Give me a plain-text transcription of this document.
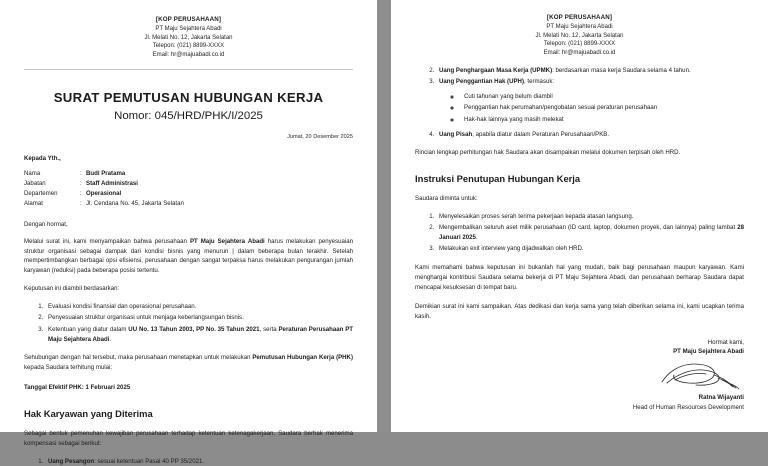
[KOP PERUSAHAAN]
PT Maju Sejahtera Abadi
Jl. Melati No. 12, Jakarta Selatan
Telepon: (021) 8899-XXXX
Email: hr@majuabadi.co.id
SURAT PEMUTUSAN HUBUNGAN KERJA
Nomor: 045/HRD/PHK/I/2025
Jumat, 20 Desember 2025
Kepada Yth.,
Nama	: Budi Pratama
Jabatan	: Staff Administrasi
Departemen	: Operasional
Alamat	: Jl. Cendana No. 45, Jakarta Selatan
Dengan hormat,

Melalui surat ini, kami menyampaikan bahwa perusahaan PT Maju Sejahtera Abadi harus melakukan penyesuaian struktur organisasi sebagai dampak dari kondisi bisnis yang menurun | dalam beberapa bulan terakhir. Setelah mempertimbangkan berbagai opsi efisiensi, perusahaan dengan sangat terpaksa harus melakukan pengurangan jumlah karyawan (reduksi) pada beberapa posisi tertentu.

Keputusan ini diambil berdasarkan:

1. Evaluasi kondisi finansial dan operasional perusahaan.
2. Penyesuaian struktur organisasi untuk menjaga keberlangsungan bisnis.
3. Ketentuan yang diatur dalam UU No. 13 Tahun 2003, PP No. 35 Tahun 2021, serta Peraturan Perusahaan PT Maju Sejahtera Abadi.

Sehubungan dengan hal tersebut, maka perusahaan menetapkan untuk melakukan Pemutusan Hubungan Kerja (PHK) kepada Saudara terhitung mulai:

Tanggal Efektif PHK: 1 Februari 2025
Hak Karyawan yang Diterima

Sebagai bentuk pemenuhan kewajiban perusahaan terhadap ketentuan ketenagakerjaan, Saudara berhak menerima kompensasi sebagai berikut:

1. Uang Pesangon: sesuai ketentuan Pasal 40 PP 35/2021.
[KOP PERUSAHAAN]
PT Maju Sejahtera Abadi
Jl. Melati No. 12, Jakarta Selatan
Telepon: (021) 8899-XXXX
Email: hr@majuabadi.co.id
2. Uang Penghargaan Masa Kerja (UPMK): berdasarkan masa kerja Saudara selama 4 tahun.
3. Uang Penggantian Hak (UPH), termasuk:
◦ Cuti tahunan yang belum diambil
◦ Penggantian hak perumahan/pengobatan sesuai peraturan perusahaan
◦ Hak-hak lainnya yang masih melekat
4. Uang Pisah, apabila diatur dalam Peraturan Perusahaan/PKB.

Rincian lengkap perhitungan hak Saudara akan disampaikan melalui dokumen terpisah oleh HRD.

Instruksi Penutupan Hubungan Kerja

Saudara diminta untuk:

1. Menyelesaikan proses serah terima pekerjaan kepada atasan langsung.
2. Mengembalikan seluruh aset milik perusahaan (ID card, laptop, dokumen proyek, dan lainnya) paling lambat 28 Januari 2025.
3. Melakukan exit interview yang dijadwalkan oleh HRD.

Kami memahami bahwa keputusan ini bukanlah hal yang mudah, baik bagi perusahaan maupun karyawan. Kami menghargai kontribusi Saudara selama bekerja di PT Maju Sejahtera Abadi, dan perusahaan berharap Saudara dapat mencapai kesuksesan di tempat baru.

Demikian surat ini kami sampaikan. Atas dedikasi dan kerja sama yang telah diberikan selama ini, kami ucapkan terima kasih.

Hormat kami,
PT Maju Sejahtera Abadi
Ratna Wijayanti
Head of Human Resources Development
